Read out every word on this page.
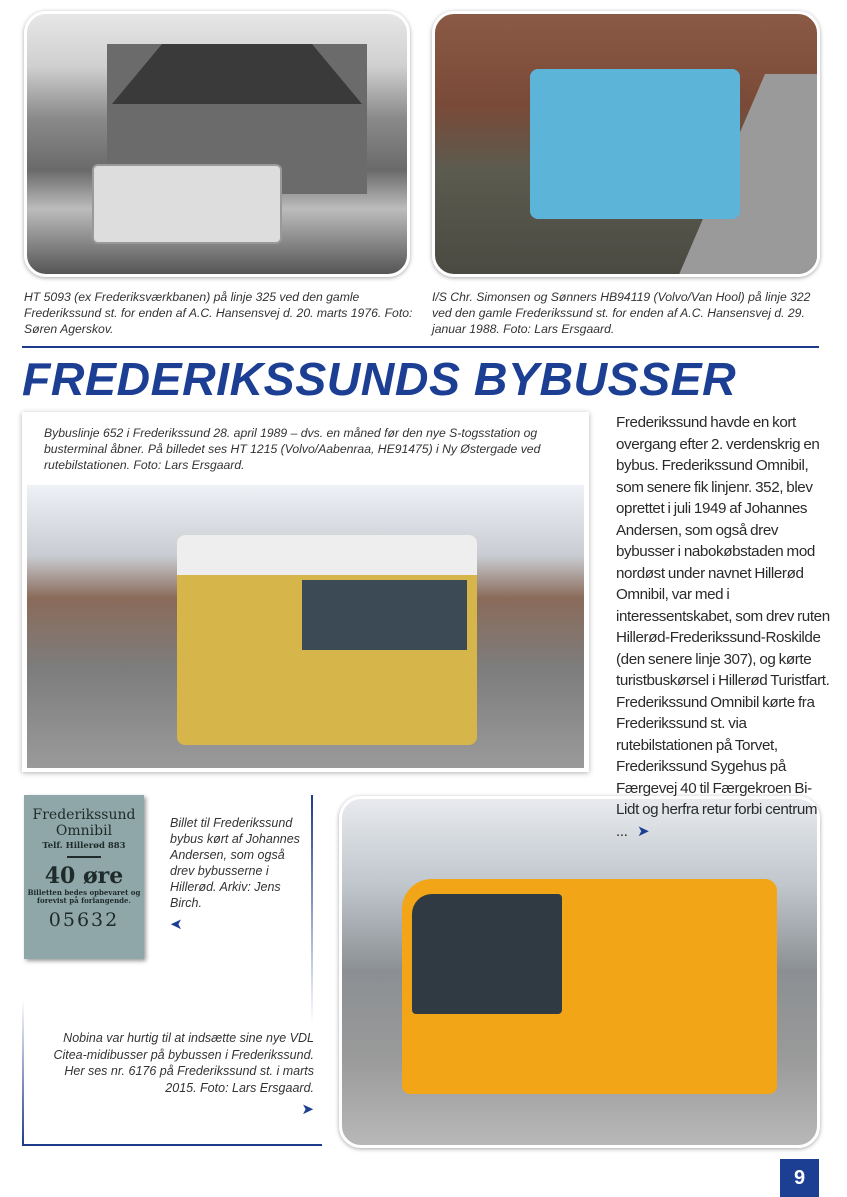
HT 5093 (ex Frederiksværkbanen) på linje 325 ved den gamle Frederikssund st. for enden af A.C. Hansensvej d. 20. marts 1976. Foto: Søren Agerskov.
I/S Chr. Simonsen og Sønners HB94119 (Volvo/Van Hool) på linje 322 ved den gamle Frederikssund st. for enden af A.C. Hansensvej d. 29. januar 1988. Foto: Lars Ersgaard.
FREDERIKSSUNDS BYBUSSER
Bybuslinje 652 i Frederikssund 28. april 1989 – dvs. en måned før den nye S-togsstation og busterminal åbner. På billedet ses HT 1215 (Volvo/Aabenraa, HE91475) i Ny Østergade ved rutebilstationen. Foto: Lars Ersgaard.
Frederikssund havde en kort overgang efter 2. verdenskrig en bybus. Frederikssund Omnibil, som senere fik linjenr. 352, blev oprettet i juli 1949 af Johannes Andersen, som også drev bybusser i nabokøbstaden mod nordøst under navnet Hillerød Omnibil, var med i interessentskabet, som drev ruten Hillerød-Frederikssund-Roskilde (den senere linje 307), og kørte turistbuskørsel i Hillerød Turistfart. Frederikssund Omnibil kørte fra Frederikssund st. via rutebilstationen på Torvet, Frederikssund Sygehus på Færgevej 40 til Færgekroen Bi-Lidt og herfra retur forbi centrum
...   ➤
Frederikssund
Omnibil
Telf. Hillerød 883
40 øre
Billetten bedes opbevaret og forevist på forlangende.
05632
Billet til Frederikssund bybus kørt af Johannes Andersen, som også drev bybusserne i Hillerød. Arkiv: Jens Birch.
➤
Nobina var hurtig til at indsætte sine nye VDL Citea-midibusser på bybussen i Frederikssund. Her ses nr. 6176 på Frederikssund st. i marts 2015. Foto: Lars Ersgaard.
➤
9
